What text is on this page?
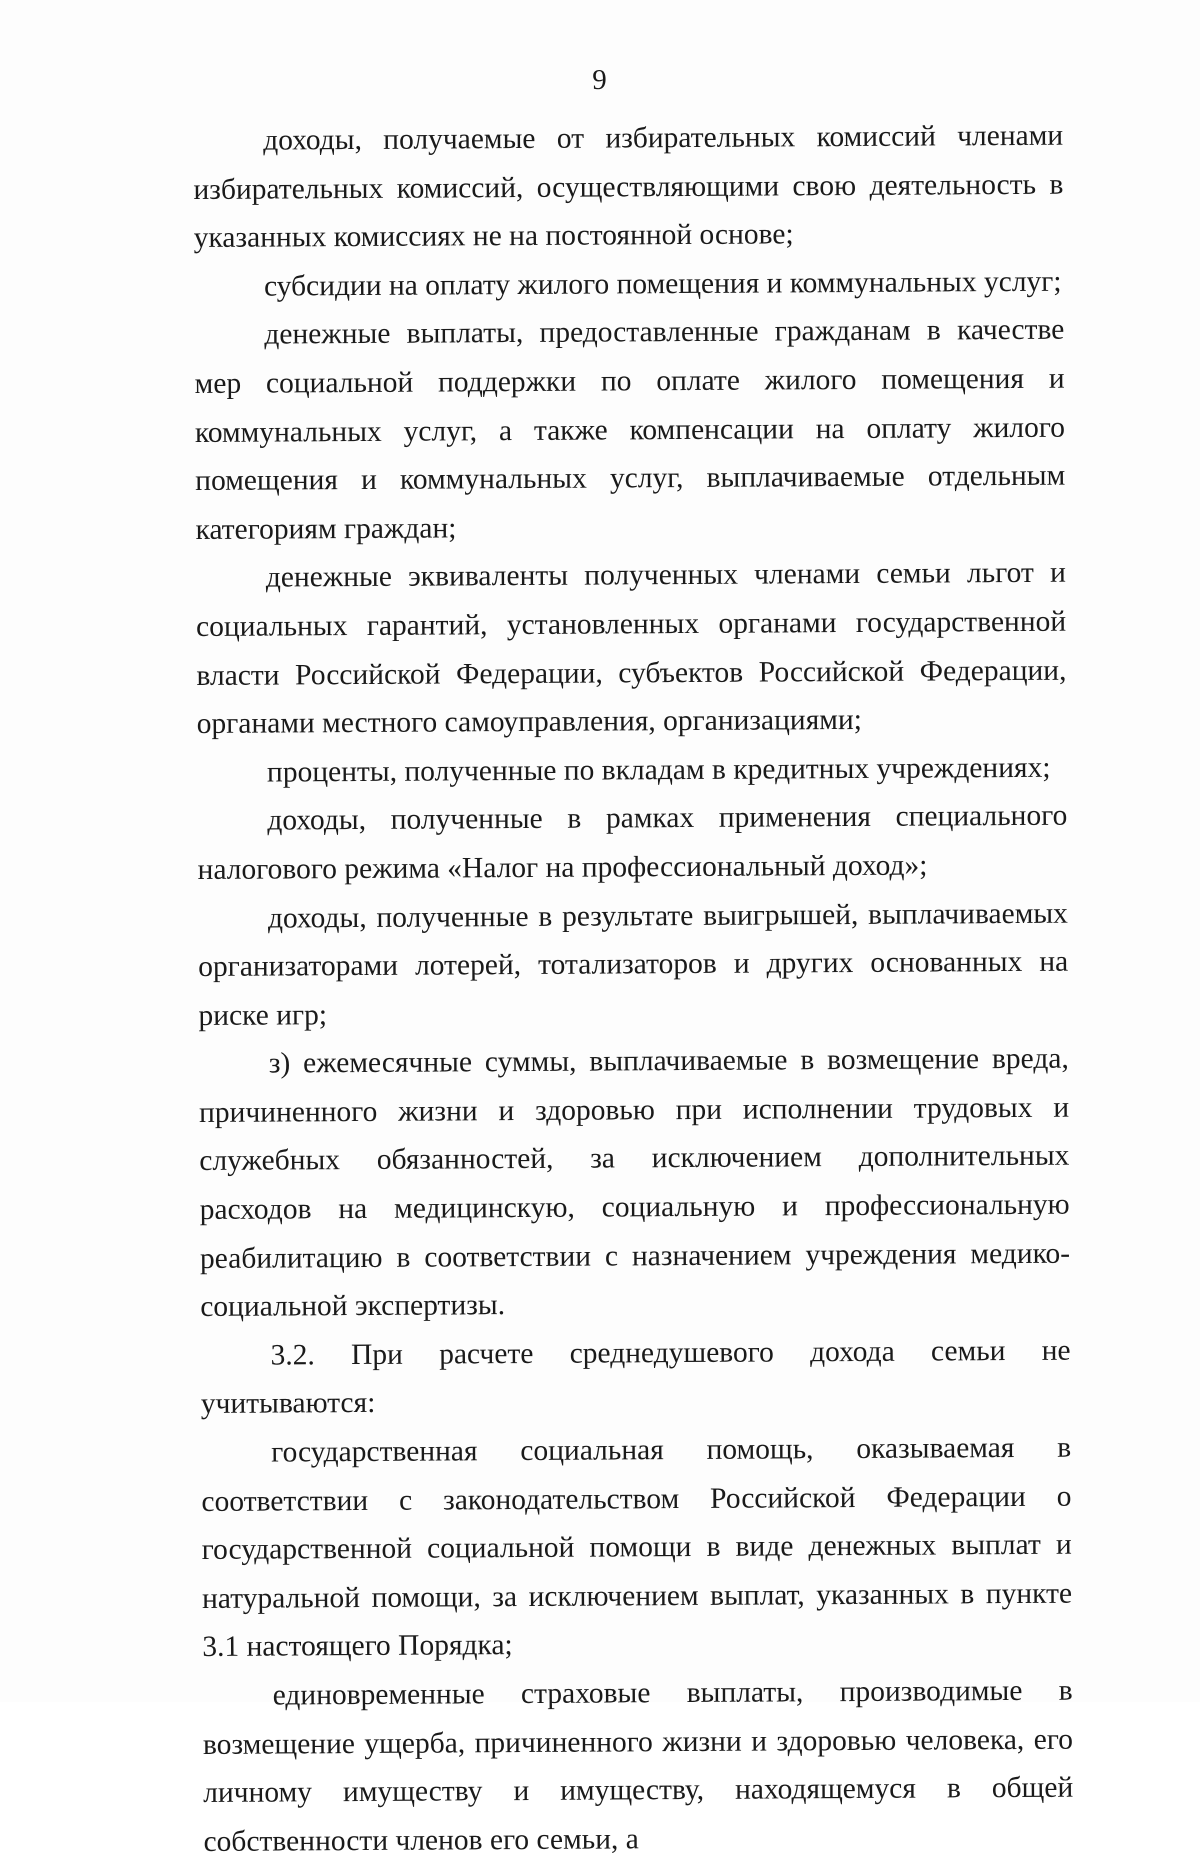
9

доходы, получаемые от избирательных комиссий членами избирательных комиссий, осуществляющими свою деятельность в указанных комиссиях не на постоянной основе;

субсидии на оплату жилого помещения и коммунальных услуг;

денежные выплаты, предоставленные гражданам в качестве мер социальной поддержки по оплате жилого помещения и коммунальных услуг, а также компенсации на оплату жилого помещения и коммунальных услуг, выплачиваемые отдельным категориям граждан;

денежные эквиваленты полученных членами семьи льгот и социальных гарантий, установленных органами государственной власти Российской Федерации, субъектов Российской Федерации, органами местного самоуправления, организациями;

проценты, полученные по вкладам в кредитных учреждениях;

доходы, полученные в рамках применения специального налогового режима «Налог на профессиональный доход»;

доходы, полученные в результате выигрышей, выплачиваемых организаторами лотерей, тотализаторов и других основанных на риске игр;

з) ежемесячные суммы, выплачиваемые в возмещение вреда, причиненного жизни и здоровью при исполнении трудовых и служебных обязанностей, за исключением дополнительных расходов на медицинскую, социальную и профессиональную реабилитацию в соответствии с назначением учреждения медико-социальной экспертизы.

3.2. При расчете среднедушевого дохода семьи не учитываются:

государственная социальная помощь, оказываемая в соответствии с законодательством Российской Федерации о государственной социальной помощи в виде денежных выплат и натуральной помощи, за исключением выплат, указанных в пункте 3.1 настоящего Порядка;

единовременные страховые выплаты, производимые в возмещение ущерба, причиненного жизни и здоровью человека, его личному имуществу и имуществу, находящемуся в общей собственности членов его семьи, а
